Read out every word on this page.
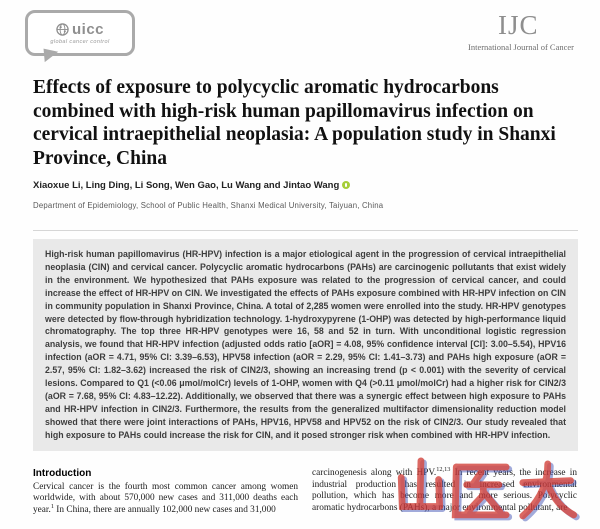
uicc
global cancer control
IJC
International Journal of Cancer
Effects of exposure to polycyclic aromatic hydrocarbons combined with high-risk human papillomavirus infection on cervical intraepithelial neoplasia: A population study in Shanxi Province, China
Xiaoxue Li, Ling Ding, Li Song, Wen Gao, Lu Wang and Jintao Wang
Department of Epidemiology, School of Public Health, Shanxi Medical University, Taiyuan, China
High-risk human papillomavirus (HR-HPV) infection is a major etiological agent in the progression of cervical intraepithelial neoplasia (CIN) and cervical cancer. Polycyclic aromatic hydrocarbons (PAHs) are carcinogenic pollutants that exist widely in the environment. We hypothesized that PAHs exposure was related to the progression of cervical cancer, and could increase the effect of HR-HPV on CIN. We investigated the effects of PAHs exposure combined with HR-HPV infection on CIN in community population in Shanxi Province, China. A total of 2,285 women were enrolled into the study. HR-HPV genotypes were detected by flow-through hybridization technology. 1-hydroxypyrene (1-OHP) was detected by high-performance liquid chromatography. The top three HR-HPV genotypes were 16, 58 and 52 in turn. With unconditional logistic regression analysis, we found that HR-HPV infection (adjusted odds ratio [aOR] = 4.08, 95% confidence interval [CI]: 3.00–5.54), HPV16 infection (aOR = 4.71, 95% CI: 3.39–6.53), HPV58 infection (aOR = 2.29, 95% CI: 1.41–3.73) and PAHs high exposure (aOR = 2.57, 95% CI: 1.82–3.62) increased the risk of CIN2/3, showing an increasing trend (p < 0.001) with the severity of cervical lesions. Compared to Q1 (<0.06 μmol/molCr) levels of 1-OHP, women with Q4 (>0.11 μmol/molCr) had a higher risk for CIN2/3 (aOR = 7.68, 95% CI: 4.83–12.22). Additionally, we observed that there was a synergic effect between high exposure to PAHs and HR-HPV infection in CIN2/3. Furthermore, the results from the generalized multifactor dimensionality reduction model showed that there were joint interactions of PAHs, HPV16, HPV58 and HPV52 on the risk of CIN2/3. Our study revealed that high exposure to PAHs could increase the risk for CIN, and it posed stronger risk when combined with HR-HPV infection.
Introduction
Cervical cancer is the fourth most common cancer among women worldwide, with about 570,000 new cases and 311,000 deaths each year.$^1$ In China, there are annually 102,000 new cases and 31,000
carcinogenesis along with HPV.$^{12,13}$ In recent years, the increase in industrial production has resulted in increased environmental pollution, which has become more and more serious. Polycyclic aromatic hydrocarbons (PAHs), a major environmental pollutant, are
